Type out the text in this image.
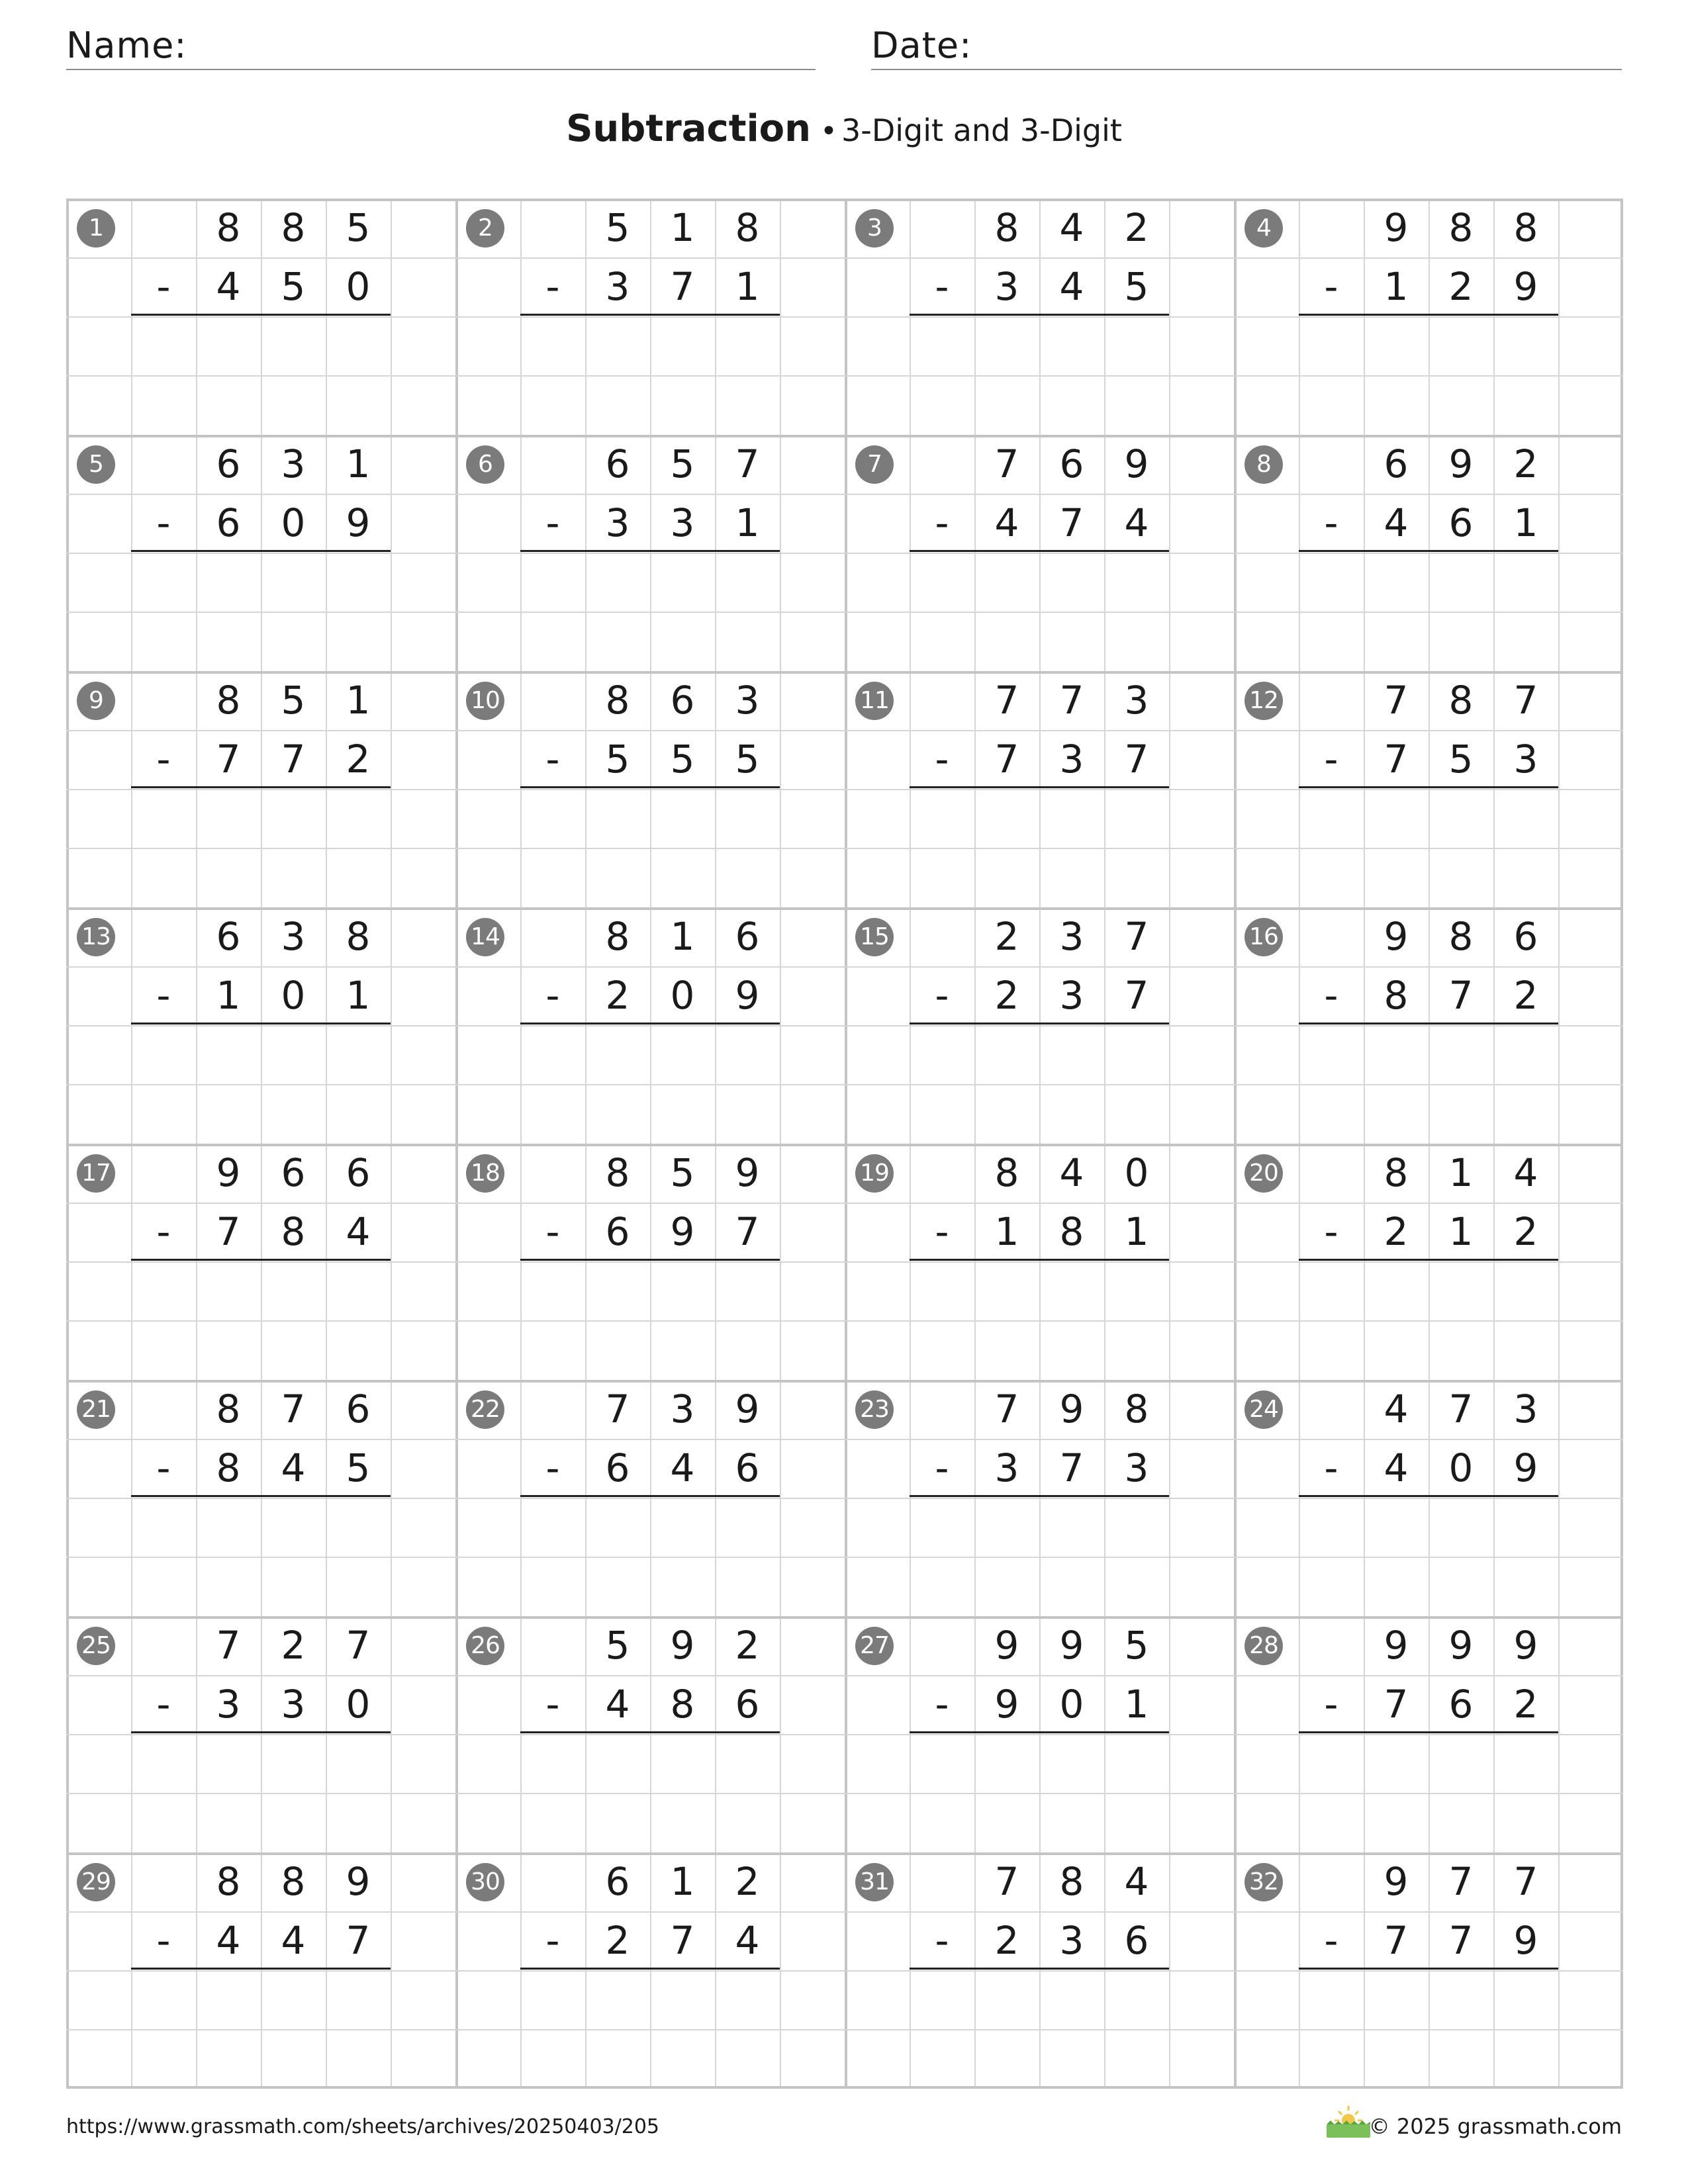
Name:	Date:
Subtraction • 3-Digit and 3-Digit
1	8	8	5
-	4	5	0
2	5	1	8
-	3	7	1
3	8	4	2
-	3	4	5
4	9	8	8
-	1	2	9
5	6	3	1
-	6	0	9
6	6	5	7
-	3	3	1
7	7	6	9
-	4	7	4
8	6	9	2
-	4	6	1
9	8	5	1
-	7	7	2
10	8	6	3
-	5	5	5
11	7	7	3
-	7	3	7
12	7	8	7
-	7	5	3
13	6	3	8
-	1	0	1
14	8	1	6
-	2	0	9
15	2	3	7
-	2	3	7
16	9	8	6
-	8	7	2
17	9	6	6
-	7	8	4
18	8	5	9
-	6	9	7
19	8	4	0
-	1	8	1
20	8	1	4
-	2	1	2
21	8	7	6
-	8	4	5
22	7	3	9
-	6	4	6
23	7	9	8
-	3	7	3
24	4	7	3
-	4	0	9
25	7	2	7
-	3	3	0
26	5	9	2
-	4	8	6
27	9	9	5
-	9	0	1
28	9	9	9
-	7	6	2
29	8	8	9
-	4	4	7
30	6	1	2
-	2	7	4
31	7	8	4
-	2	3	6
32	9	7	7
-	7	7	9
https://www.grassmath.com/sheets/archives/20250403/205	© 2025 grassmath.com
